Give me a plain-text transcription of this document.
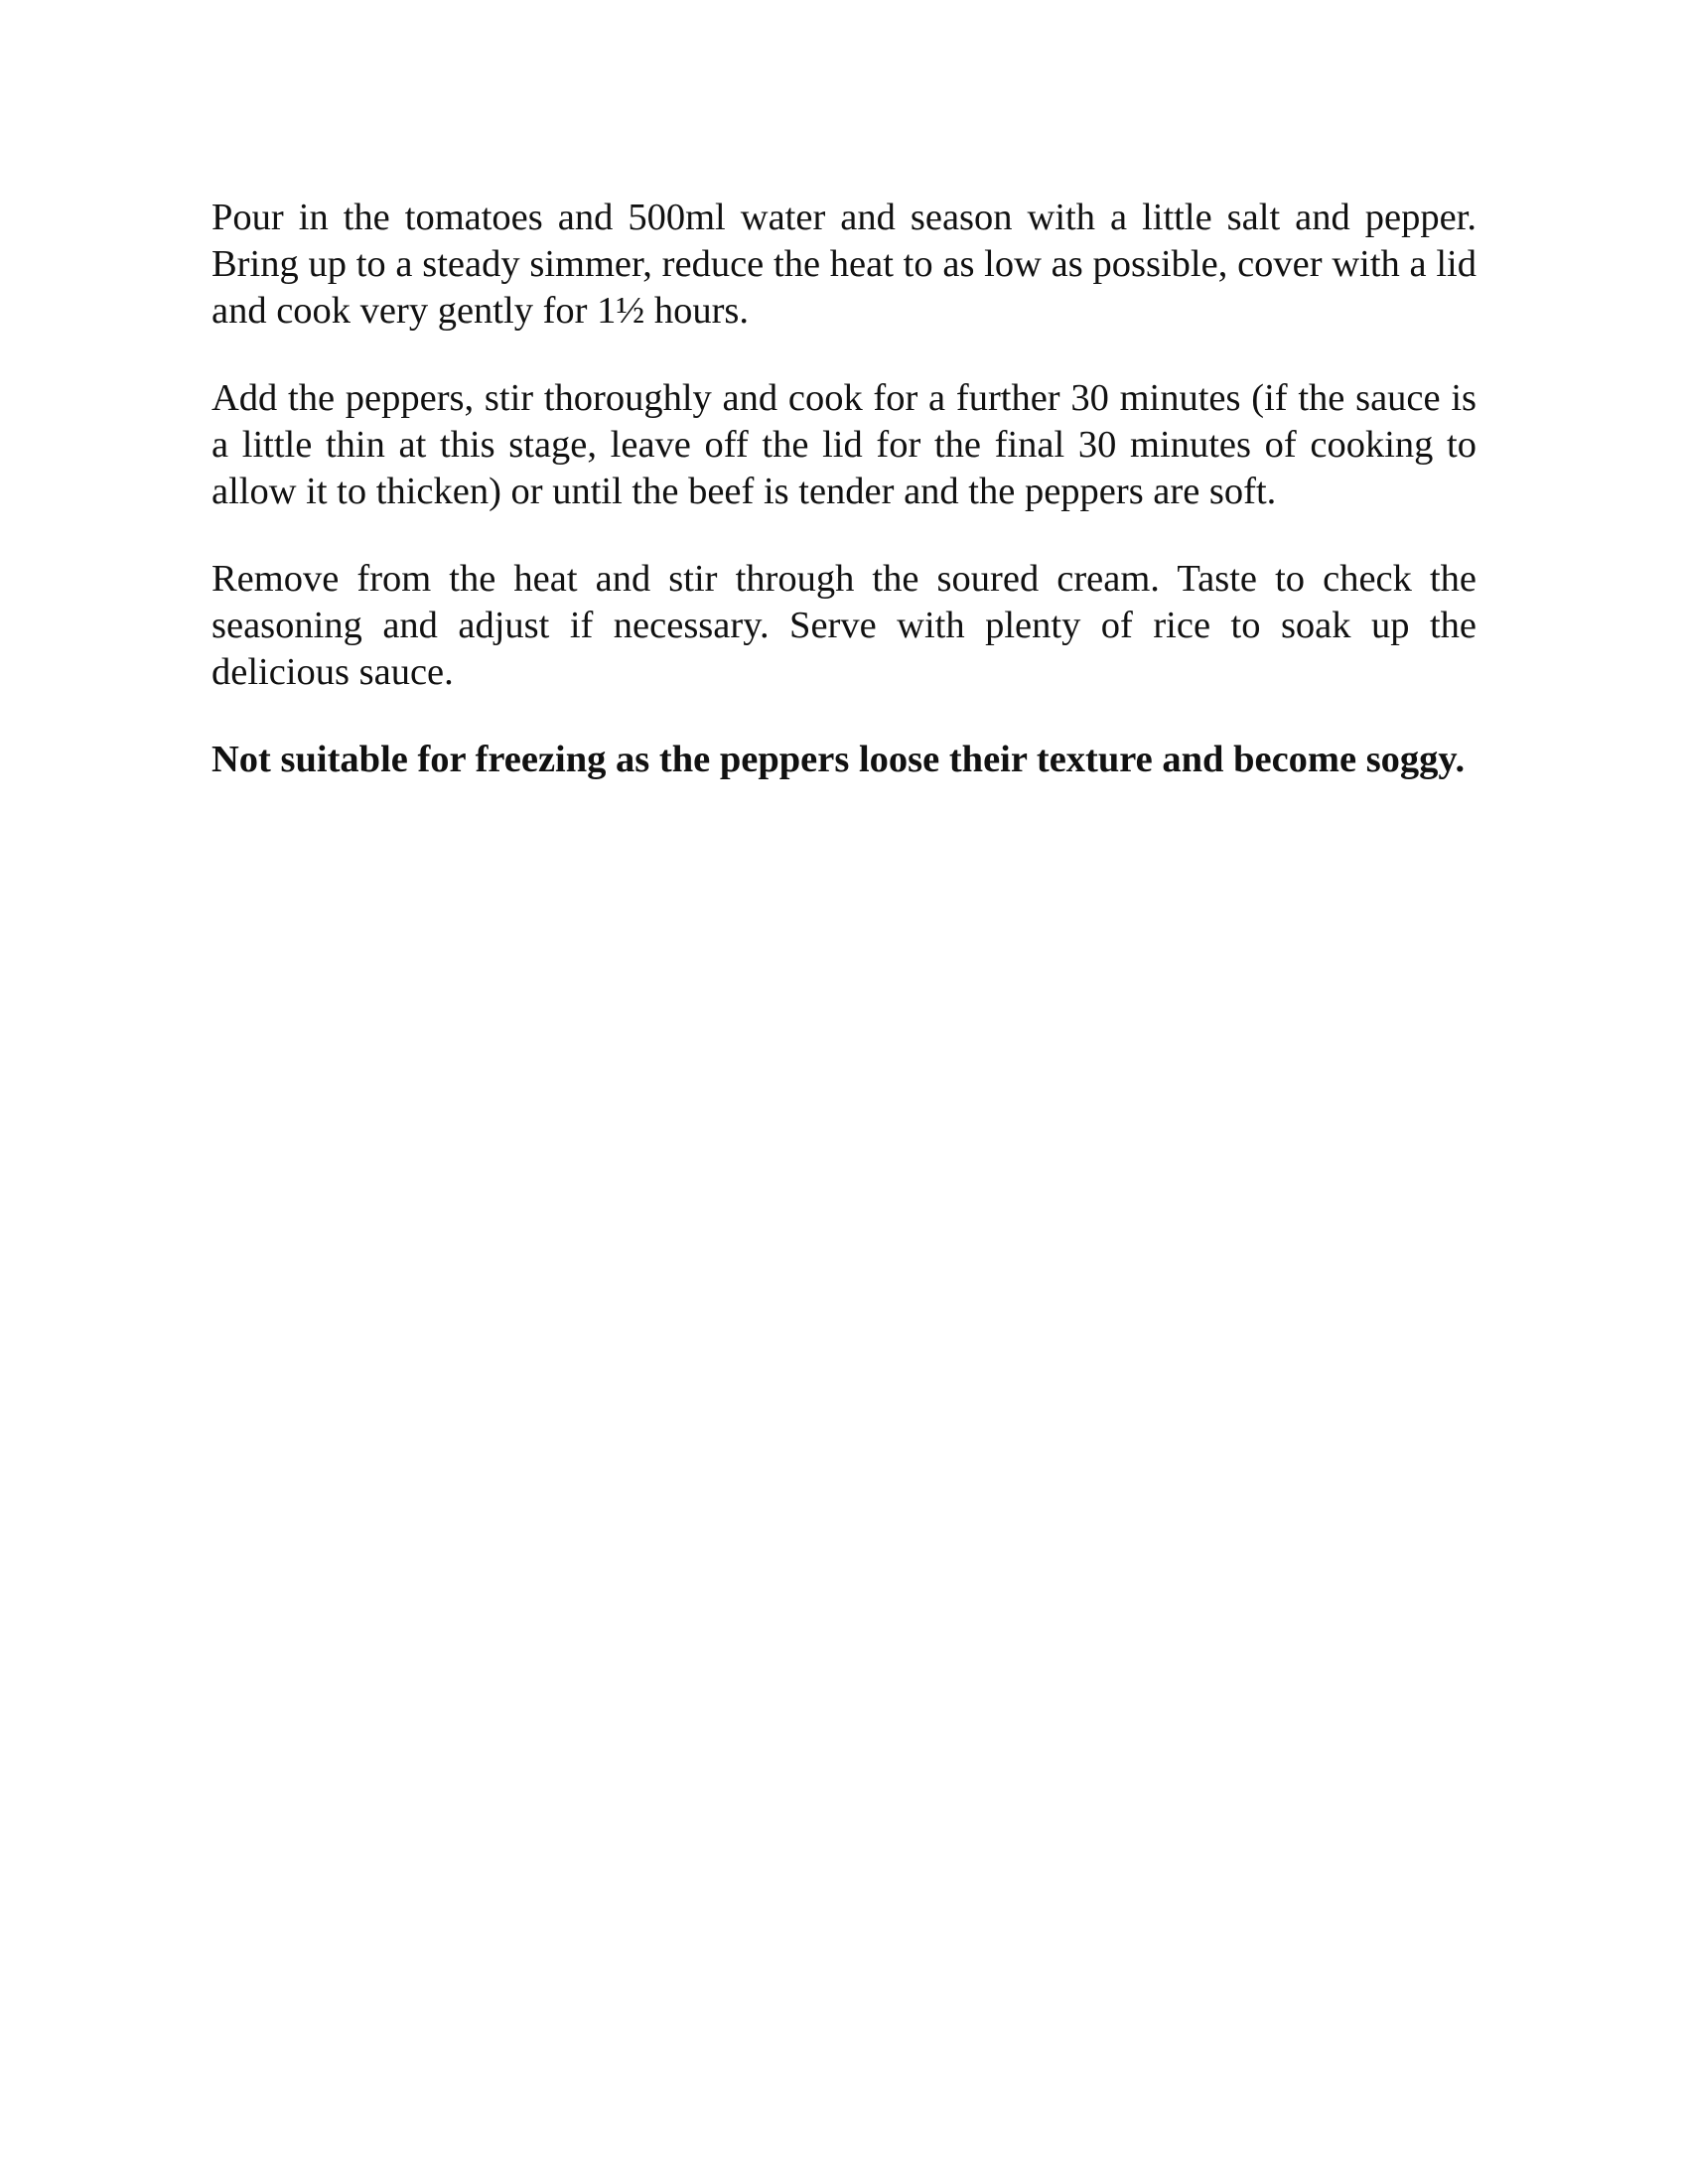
Pour in the tomatoes and 500ml water and season with a little salt and pepper. Bring up to a steady simmer, reduce the heat to as low as possible, cover with a lid and cook very gently for 1½ hours.

Add the peppers, stir thoroughly and cook for a further 30 minutes (if the sauce is a little thin at this stage, leave off the lid for the final 30 minutes of cooking to allow it to thicken) or until the beef is tender and the peppers are soft.

Remove from the heat and stir through the soured cream. Taste to check the seasoning and adjust if necessary. Serve with plenty of rice to soak up the delicious sauce.

Not suitable for freezing as the peppers loose their texture and become soggy.
